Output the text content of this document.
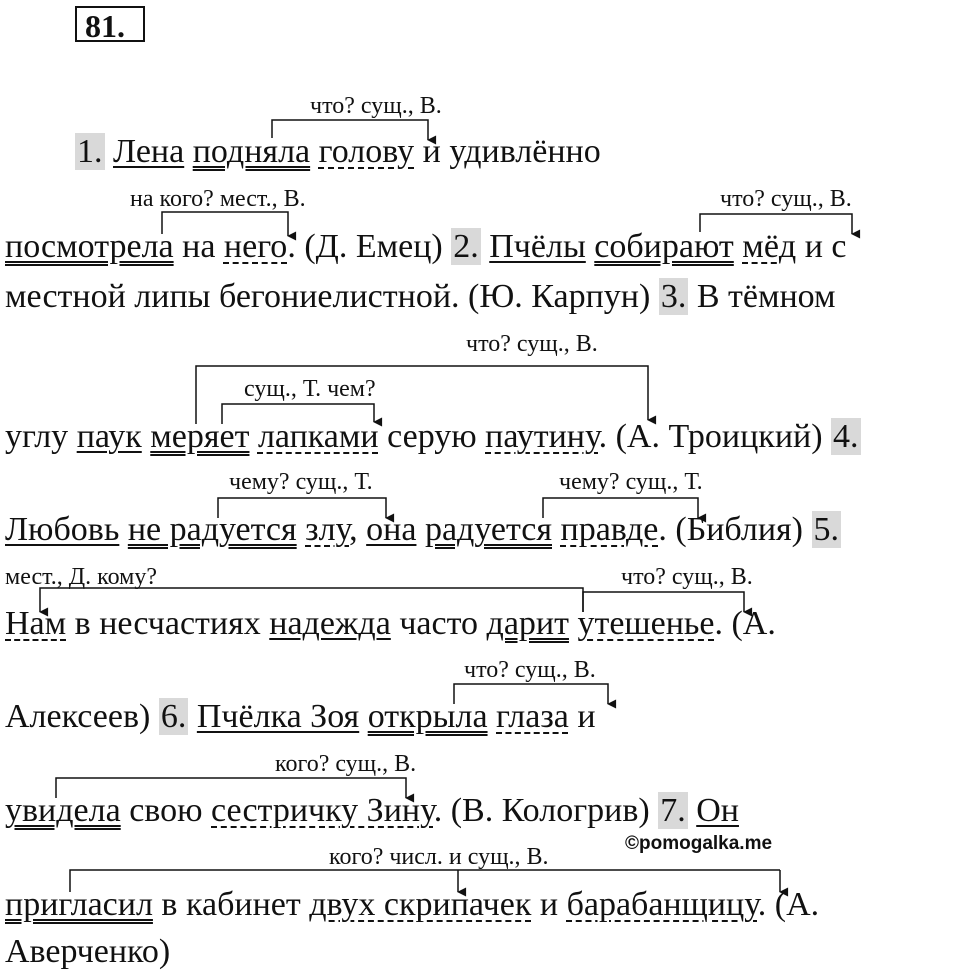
81.
что? сущ., В.
на кого? мест., В.	что? сущ., В.
что? сущ., В.
сущ., Т. чем?
чему? сущ., Т.	чему? сущ., Т.
мест., Д. кому?	что? сущ., В.
что? сущ., В.
кого? сущ., В.
кого? числ. и сущ., В.
1. Лена подняла голову и удивлённо
посмотрела на него. (Д. Емец) 2. Пчёлы собирают мёд и с
местной липы бегониелистной. (Ю. Карпун) 3. В тёмном
углу паук меряет лапками серую паутину. (А. Троицкий) 4.
Любовь не радуется злу, она радуется правде. (Библия) 5.
Нам в несчастиях надежда часто дарит утешенье. (А.
Алексеев) 6. Пчёлка Зоя открыла глаза и
увидела свою сестричку Зину. (В. Кологрив) 7. Он
©pomogalka.me
пригласил в кабинет двух скрипачек и барабанщицу. (А.
Аверченко)
